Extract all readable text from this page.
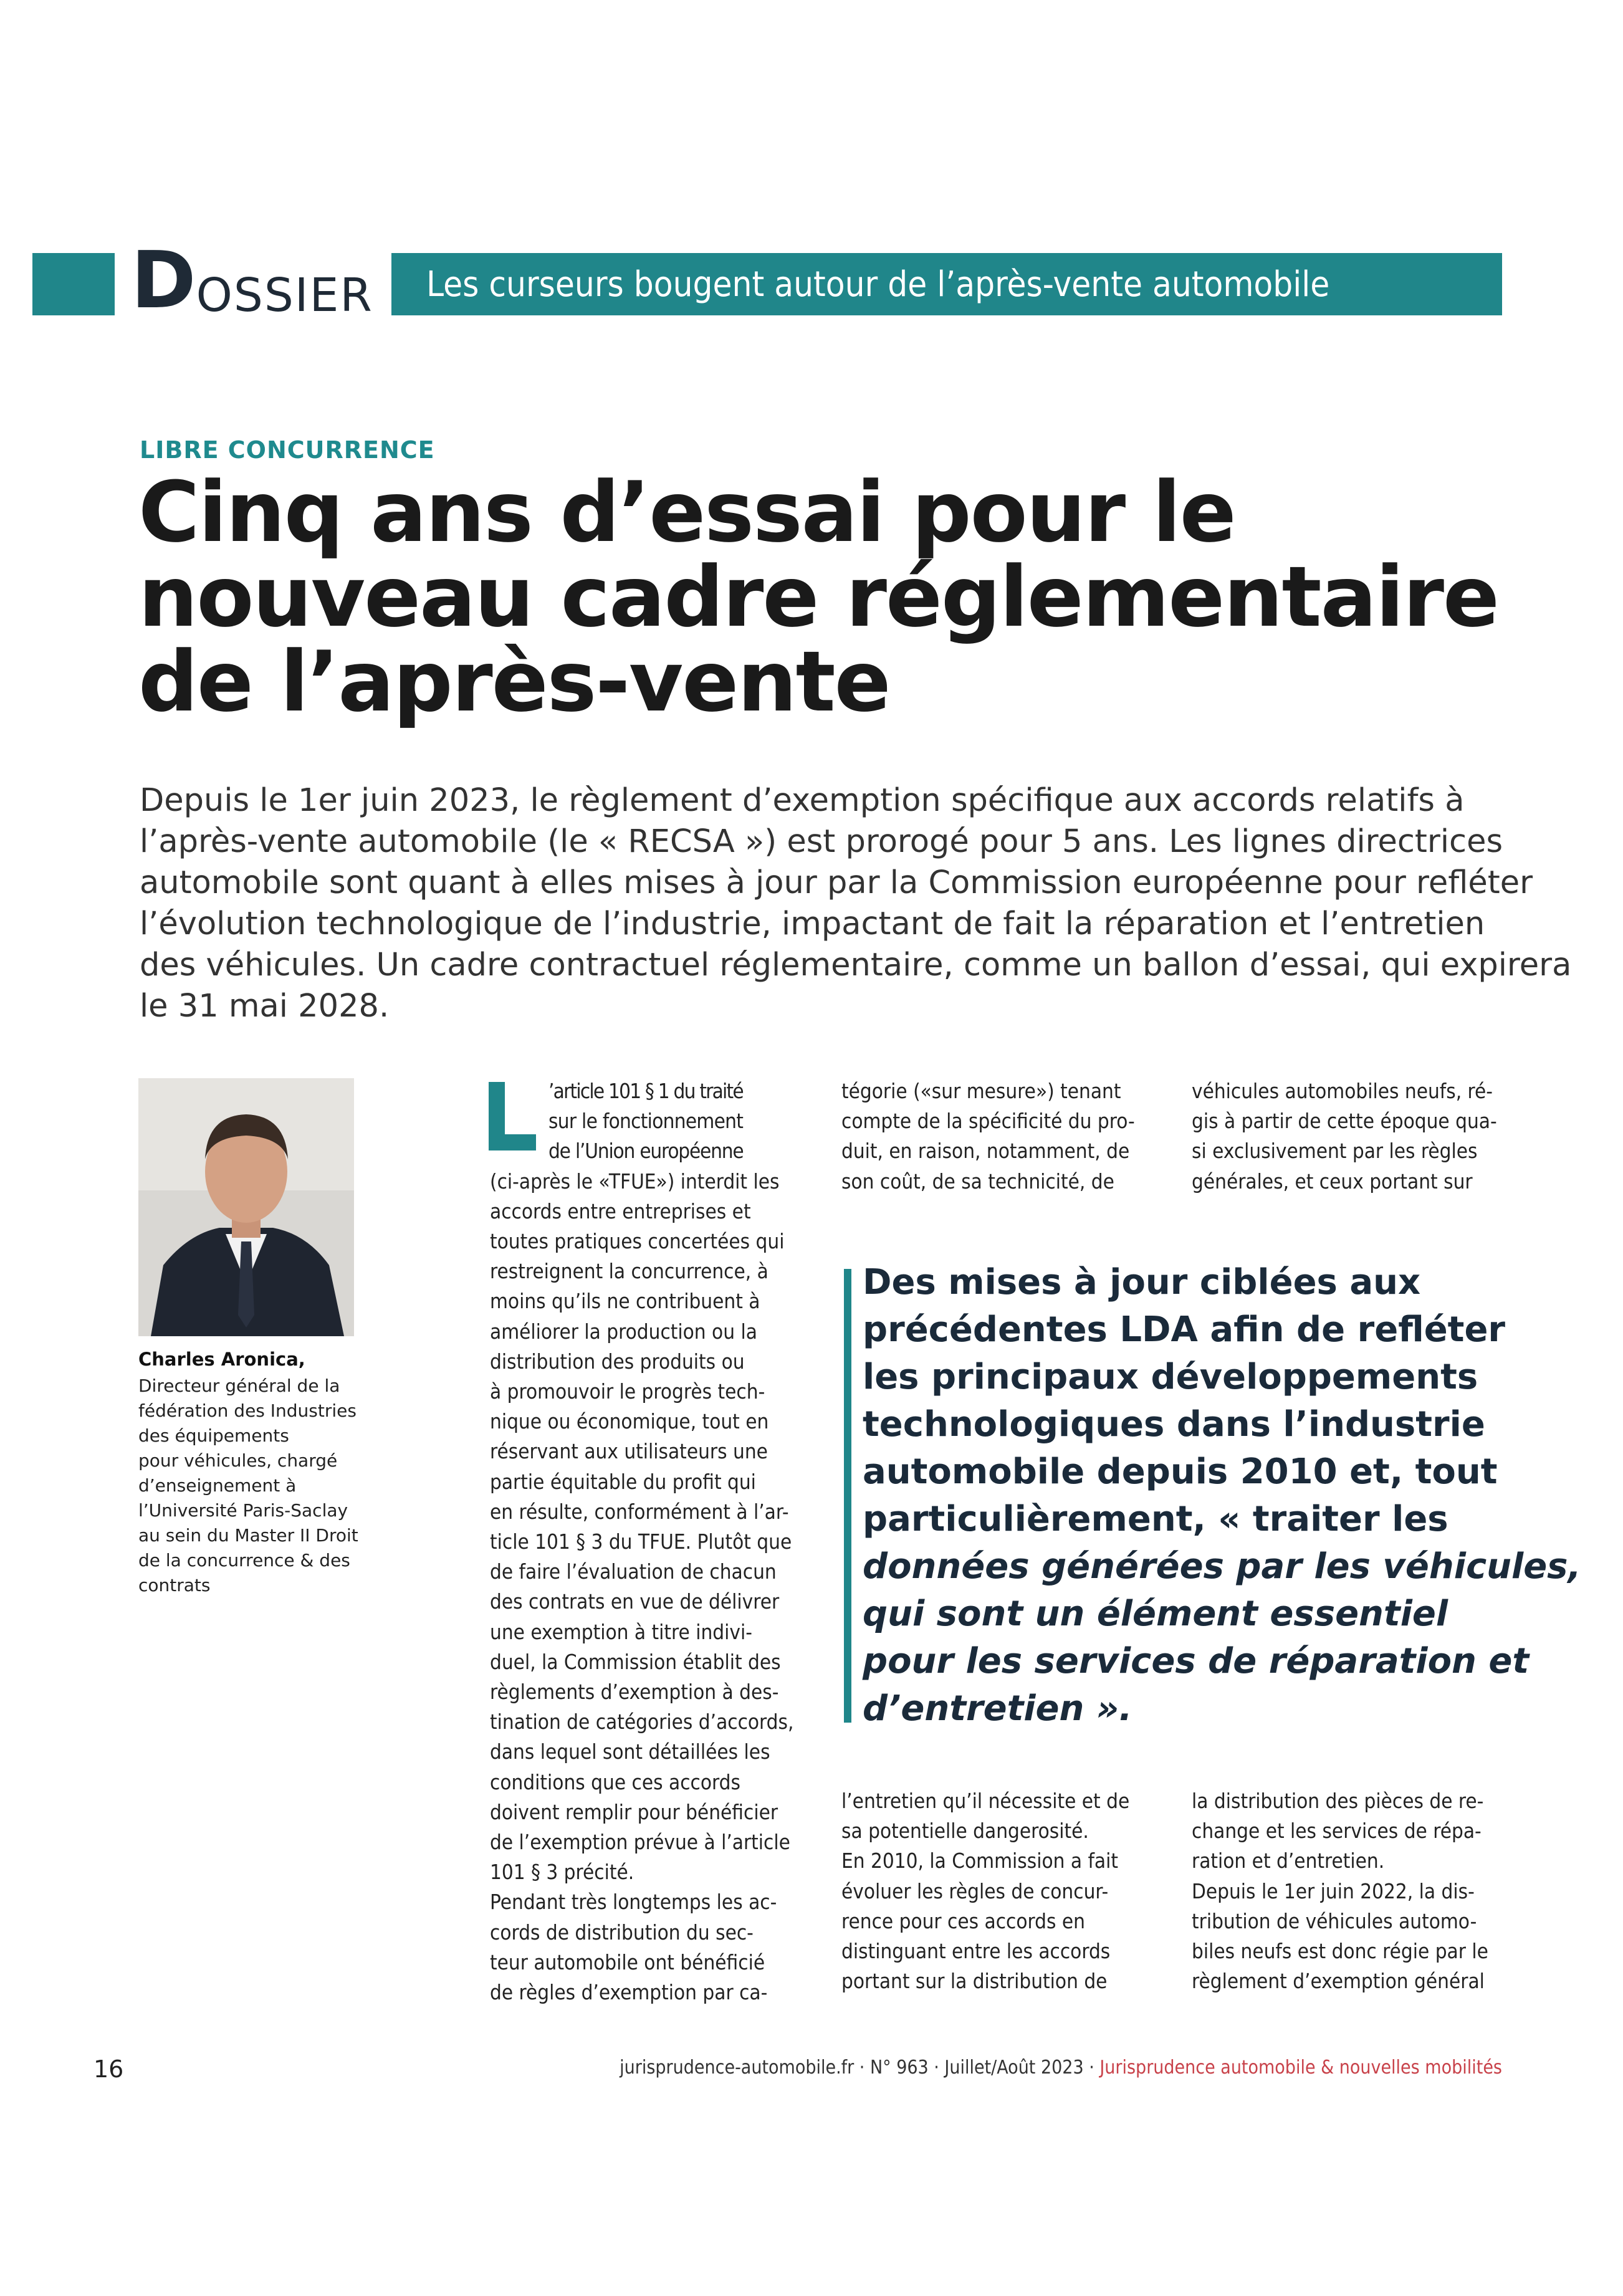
D OSSIER	Les curseurs bougent autour de l’après-vente automobile
LIBRE CONCURRENCE
Cinq ans d’essai pour le
nouveau cadre réglementaire
de l’après-vente
Depuis le 1er juin 2023, le règlement d’exemption spécifique aux accords relatifs à
l’après-vente automobile (le « RECSA ») est prorogé pour 5 ans. Les lignes directrices
automobile sont quant à elles mises à jour par la Commission européenne pour refléter
l’évolution technologique de l’industrie, impactant de fait la réparation et l’entretien
des véhicules. Un cadre contractuel réglementaire, comme un ballon d’essai, qui expirera
le 31 mai 2028.
Charles Aronica,
Directeur général de la
fédération des Industries
des équipements
pour véhicules, chargé
d’enseignement à
l’Université Paris-Saclay
au sein du Master II Droit
de la concurrence & des
contrats
’article 101 § 1 du traité
sur le fonctionnement
de l’Union européenne
(ci-après le «TFUE») interdit les
accords entre entreprises et
toutes pratiques concertées qui
restreignent la concurrence, à
moins qu’ils ne contribuent à
améliorer la production ou la
distribution des produits ou
à promouvoir le progrès tech-
nique ou économique, tout en
réservant aux utilisateurs une
partie équitable du profit qui
en résulte, conformément à l’ar-
ticle 101 § 3 du TFUE. Plutôt que
de faire l’évaluation de chacun
des contrats en vue de délivrer
une exemption à titre indivi-
duel, la Commission établit des
règlements d’exemption à des-
tination de catégories d’accords,
dans lequel sont détaillées les
conditions que ces accords
doivent remplir pour bénéficier
de l’exemption prévue à l’article
101 § 3 précité.
Pendant très longtemps les ac-
cords de distribution du sec-
teur automobile ont bénéficié
de règles d’exemption par ca-
tégorie («sur mesure») tenant
compte de la spécificité du pro-
duit, en raison, notamment, de
son coût, de sa technicité, de
véhicules automobiles neufs, ré-
gis à partir de cette époque qua-
si exclusivement par les règles
générales, et ceux portant sur
Des mises à jour ciblées aux
précédentes LDA afin de refléter
les principaux développements
technologiques dans l’industrie
automobile depuis 2010 et, tout
particulièrement, « traiter les
données générées par les véhicules,
qui sont un élément essentiel
pour les services de réparation et
d’entretien ».
l’entretien qu’il nécessite et de
sa potentielle dangerosité.
En 2010, la Commission a fait
évoluer les règles de concur-
rence pour ces accords en
distinguant entre les accords
portant sur la distribution de
la distribution des pièces de re-
change et les services de répa-
ration et d’entretien.
Depuis le 1er juin 2022, la dis-
tribution de véhicules automo-
biles neufs est donc régie par le
règlement d’exemption général
16	jurisprudence-automobile.fr · N° 963 · Juillet/Août 2023 · Jurisprudence automobile & nouvelles mobilités
